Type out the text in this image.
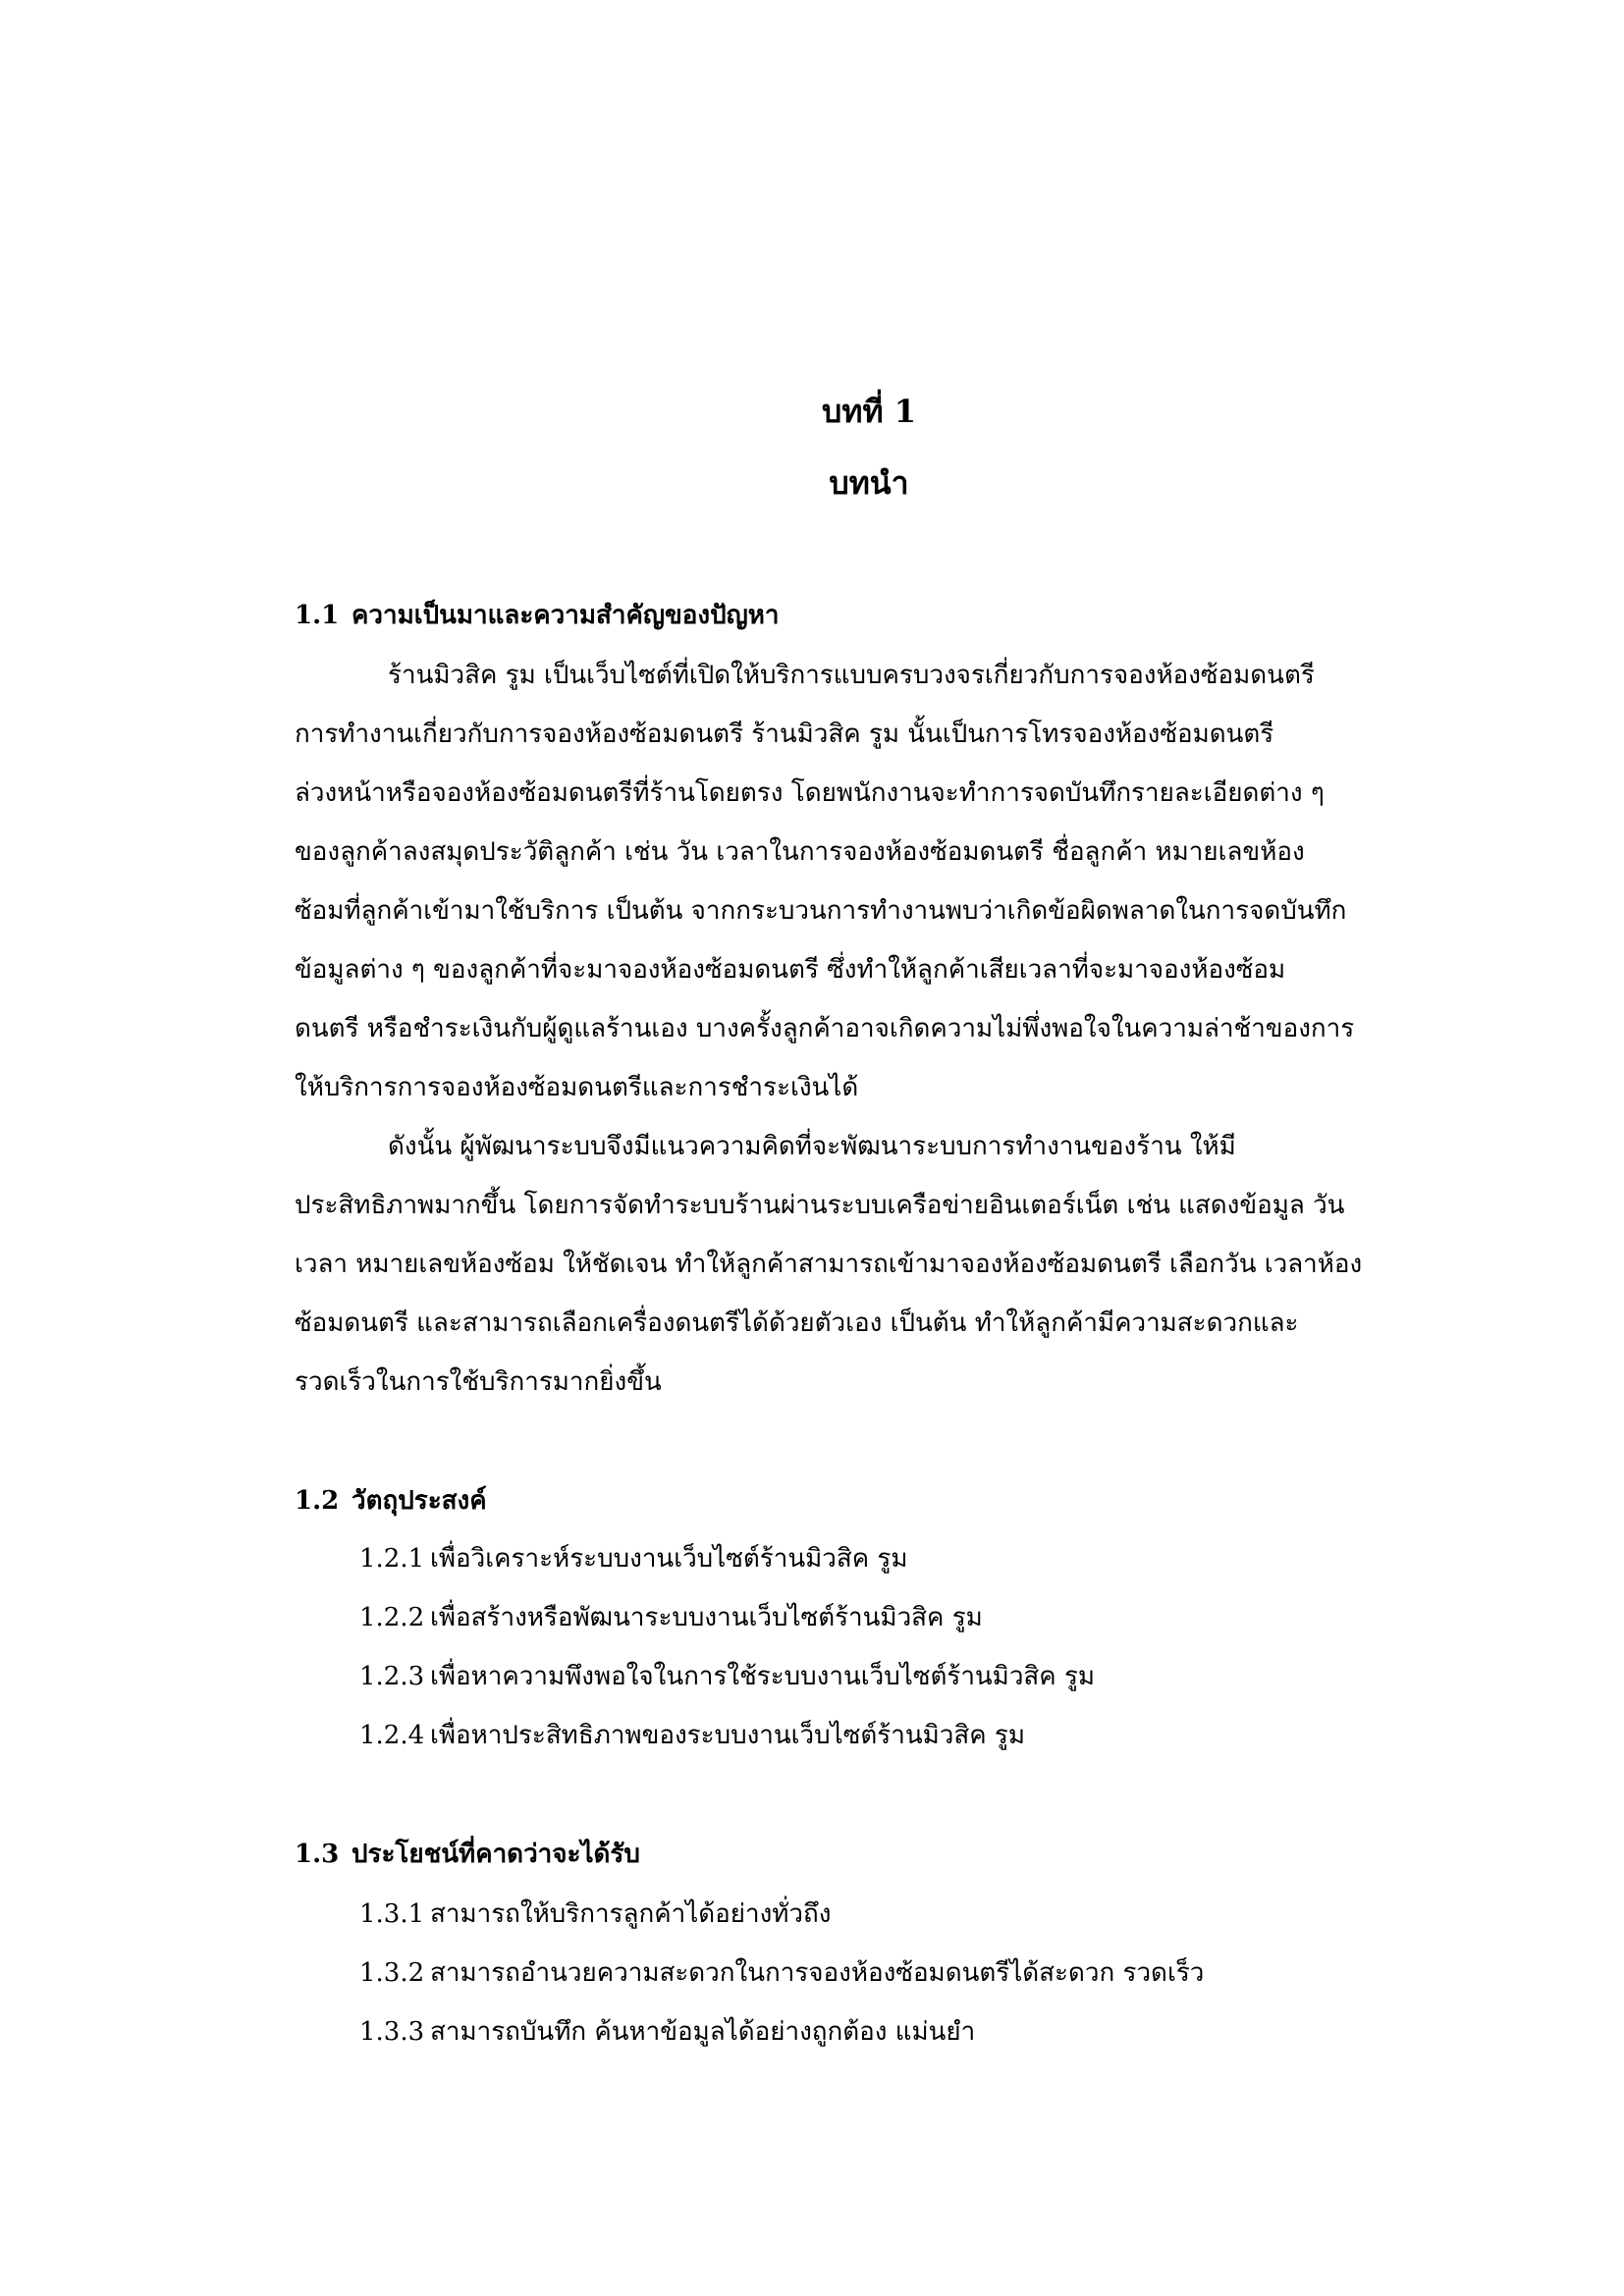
บทที่ 1
บทนำ
1.1 ความเป็นมาและความสำคัญของปัญหา
ร้านมิวสิค รูม เป็นเว็บไซต์ที่เปิดให้บริการแบบครบวงจรเกี่ยวกับการจองห้องซ้อมดนตรี
การทำงานเกี่ยวกับการจองห้องซ้อมดนตรี ร้านมิวสิค รูม นั้นเป็นการโทรจองห้องซ้อมดนตรี
ล่วงหน้าหรือจองห้องซ้อมดนตรีที่ร้านโดยตรง โดยพนักงานจะทำการจดบันทึกรายละเอียดต่าง ๆ
ของลูกค้าลงสมุดประวัติลูกค้า เช่น วัน เวลาในการจองห้องซ้อมดนตรี ชื่อลูกค้า หมายเลขห้อง
ซ้อมที่ลูกค้าเข้ามาใช้บริการ เป็นต้น จากกระบวนการทำงานพบว่าเกิดข้อผิดพลาดในการจดบันทึก
ข้อมูลต่าง ๆ ของลูกค้าที่จะมาจองห้องซ้อมดนตรี ซึ่งทำให้ลูกค้าเสียเวลาที่จะมาจองห้องซ้อม
ดนตรี หรือชำระเงินกับผู้ดูแลร้านเอง บางครั้งลูกค้าอาจเกิดความไม่พึ่งพอใจในความล่าช้าของการ
ให้บริการการจองห้องซ้อมดนตรีและการชำระเงินได้
ดังนั้น ผู้พัฒนาระบบจึงมีแนวความคิดที่จะพัฒนาระบบการทำงานของร้าน ให้มี
ประสิทธิภาพมากขึ้น โดยการจัดทำระบบร้านผ่านระบบเครือข่ายอินเตอร์เน็ต เช่น แสดงข้อมูล วัน
เวลา หมายเลขห้องซ้อม ให้ชัดเจน ทำให้ลูกค้าสามารถเข้ามาจองห้องซ้อมดนตรี เลือกวัน เวลาห้อง
ซ้อมดนตรี และสามารถเลือกเครื่องดนตรีได้ด้วยตัวเอง เป็นต้น ทำให้ลูกค้ามีความสะดวกและ
รวดเร็วในการใช้บริการมากยิ่งขึ้น
1.2 วัตถุประสงค์
1.2.1 เพื่อวิเคราะห์ระบบงานเว็บไซต์ร้านมิวสิค รูม
1.2.2 เพื่อสร้างหรือพัฒนาระบบงานเว็บไซต์ร้านมิวสิค รูม
1.2.3 เพื่อหาความพึงพอใจในการใช้ระบบงานเว็บไซต์ร้านมิวสิค รูม
1.2.4 เพื่อหาประสิทธิภาพของระบบงานเว็บไซต์ร้านมิวสิค รูม
1.3 ประโยชน์ที่คาดว่าจะได้รับ
1.3.1 สามารถให้บริการลูกค้าได้อย่างทั่วถึง
1.3.2 สามารถอำนวยความสะดวกในการจองห้องซ้อมดนตรีได้สะดวก รวดเร็ว
1.3.3 สามารถบันทึก ค้นหาข้อมูลได้อย่างถูกต้อง แม่นยำ
